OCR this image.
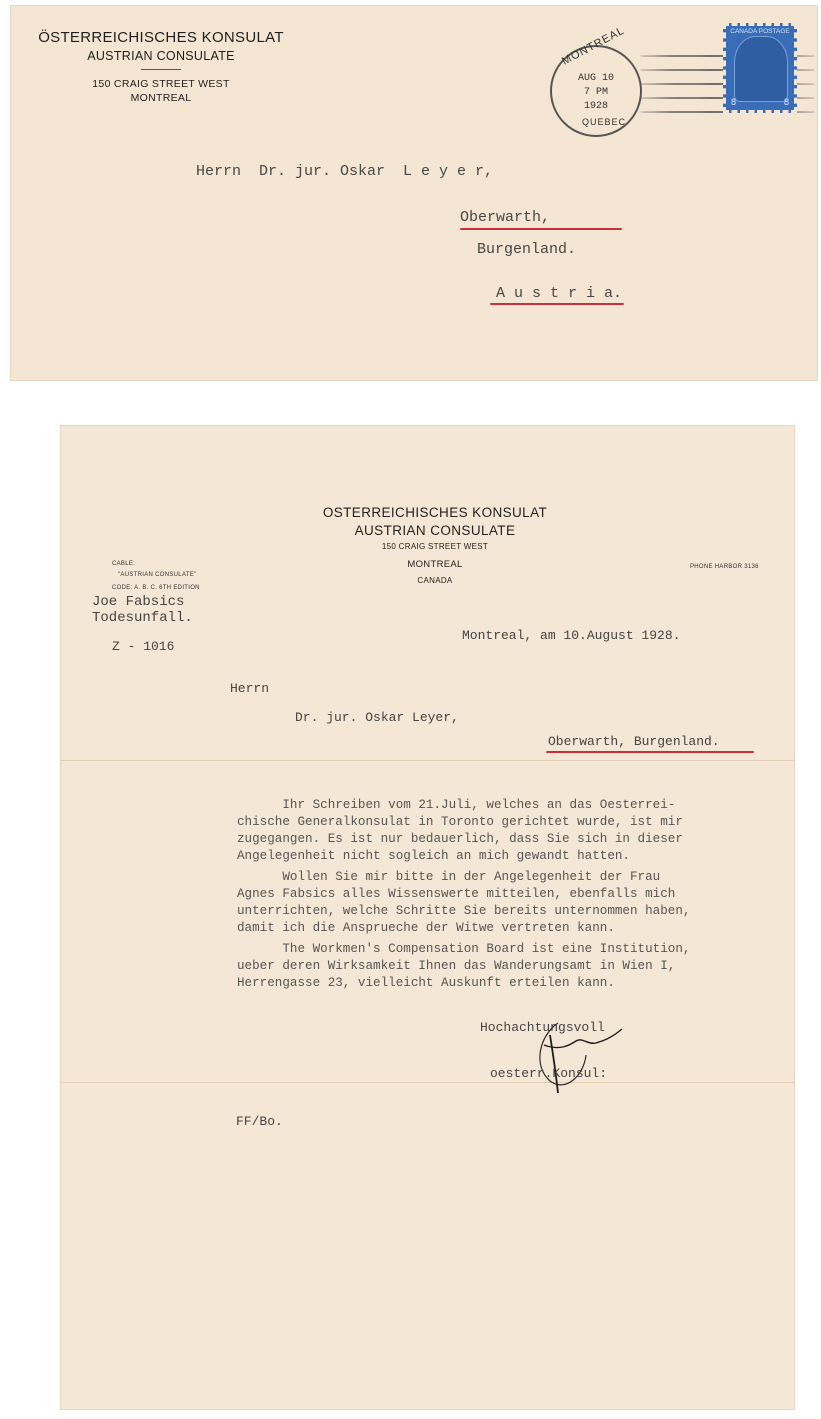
ÖSTERREICHISCHES KONSULAT
AUSTRIAN CONSULATE
150 CRAIG STREET WEST
MONTREAL
MONTREAL
AUG 10
7 PM
1928
QUEBEC
CANADA POSTAGE
8	8
Herrn  Dr. jur. Oskar  L e y e r,
Oberwarth,
Burgenland.
A u s t r i a.
OSTERREICHISCHES KONSULAT
AUSTRIAN CONSULATE
150 CRAIG STREET WEST
MONTREAL
CANADA
CABLE:
"AUSTRIAN CONSULATE"
CODE: A. B. C. 6TH EDITION
PHONE HARBOR 3136
Joe Fabsics
Todesunfall.
Z - 1016
Montreal, am 10.August 1928.
Herrn
Dr. jur. Oskar Leyer,
Oberwarth, Burgenland.
Ihr Schreiben vom 21.Juli, welches an das Oesterrei-
chische Generalkonsulat in Toronto gerichtet wurde, ist mir
zugegangen. Es ist nur bedauerlich, dass Sie sich in dieser
Angelegenheit nicht sogleich an mich gewandt hatten.
Wollen Sie mir bitte in der Angelegenheit der Frau
Agnes Fabsics alles Wissenswerte mitteilen, ebenfalls mich
unterrichten, welche Schritte Sie bereits unternommen haben,
damit ich die Ansprueche der Witwe vertreten kann.
The Workmen's Compensation Board ist eine Institution,
ueber deren Wirksamkeit Ihnen das Wanderungsamt in Wien I,
Herrengasse 23, vielleicht Auskunft erteilen kann.
Hochachtungsvoll
oesterr.Konsul:
FF/Bo.
